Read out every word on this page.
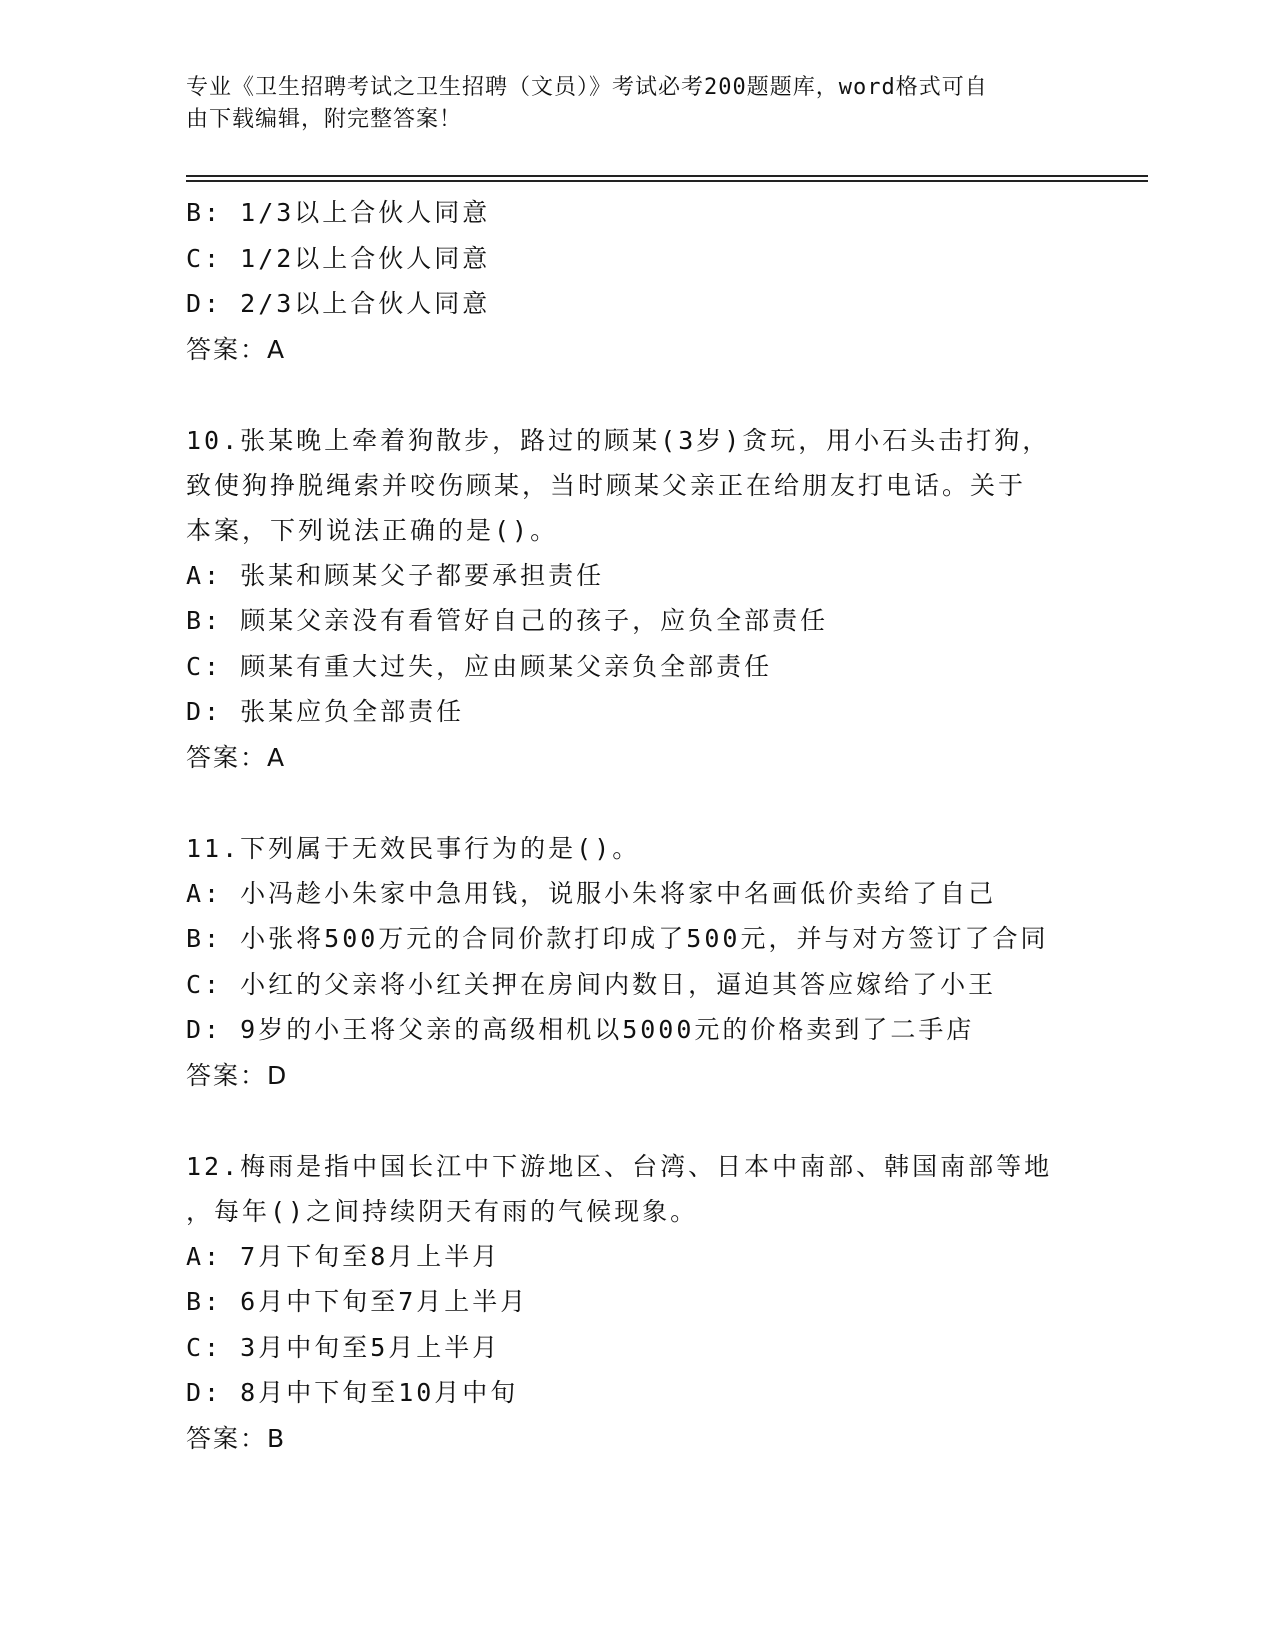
专业《卫生招聘考试之卫生招聘（文员）》考试必考200题题库，word格式可自
由下载编辑，附完整答案！
B: 1/3以上合伙人同意
C: 1/2以上合伙人同意
D: 2/3以上合伙人同意
答案：A
10.张某晚上牵着狗散步，路过的顾某(3岁)贪玩，用小石头击打狗，
致使狗挣脱绳索并咬伤顾某，当时顾某父亲正在给朋友打电话。关于
本案，下列说法正确的是()。
A: 张某和顾某父子都要承担责任
B: 顾某父亲没有看管好自己的孩子，应负全部责任
C: 顾某有重大过失，应由顾某父亲负全部责任
D: 张某应负全部责任
答案：A
11.下列属于无效民事行为的是()。
A: 小冯趁小朱家中急用钱，说服小朱将家中名画低价卖给了自己
B: 小张将500万元的合同价款打印成了500元，并与对方签订了合同
C: 小红的父亲将小红关押在房间内数日，逼迫其答应嫁给了小王
D: 9岁的小王将父亲的高级相机以5000元的价格卖到了二手店
答案：D
12.梅雨是指中国长江中下游地区、台湾、日本中南部、韩国南部等地
，每年()之间持续阴天有雨的气候现象。
A: 7月下旬至8月上半月
B: 6月中下旬至7月上半月
C: 3月中旬至5月上半月
D: 8月中下旬至10月中旬
答案：B
